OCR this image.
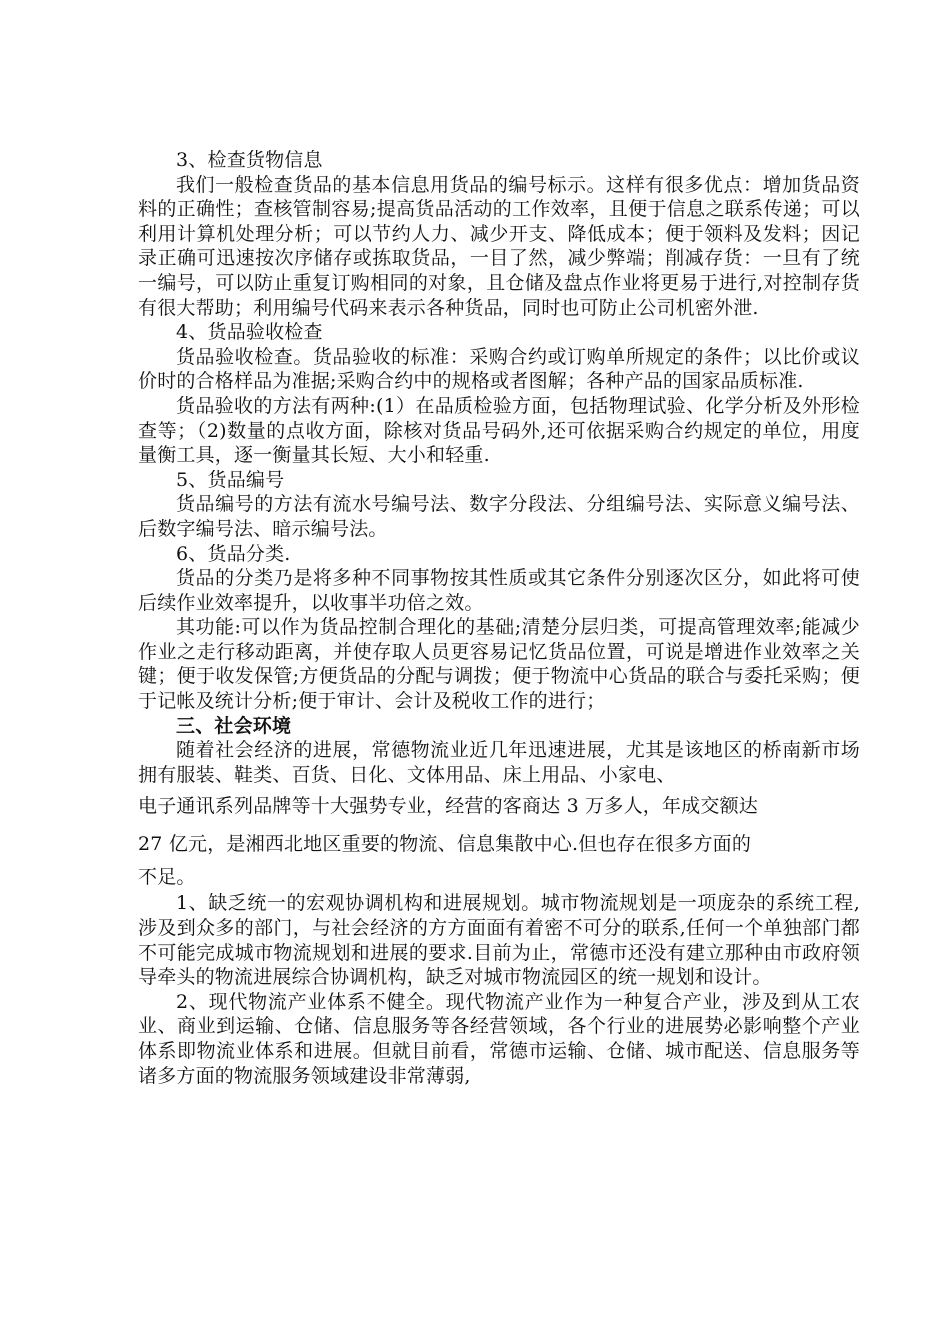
3、检查货物信息

我们一般检查货品的基本信息用货品的编号标示。这样有很多优点：增加货品资料的正确性；查核管制容易;提高货品活动的工作效率，且便于信息之联系传递；可以利用计算机处理分析；可以节约人力、减少开支、降低成本；便于领料及发料；因记录正确可迅速按次序储存或拣取货品，一目了然，减少弊端；削减存货：一旦有了统一编号，可以防止重复订购相同的对象，且仓储及盘点作业将更易于进行,对控制存货有很大帮助；利用编号代码来表示各种货品，同时也可防止公司机密外泄.

4、货品验收检查

货品验收检查。货品验收的标准：采购合约或订购单所规定的条件；以比价或议价时的合格样品为准据;采购合约中的规格或者图解；各种产品的国家品质标准.

货品验收的方法有两种:(1）在品质检验方面，包括物理试验、化学分析及外形检查等；（2)数量的点收方面，除核对货品号码外,还可依据采购合约规定的单位，用度量衡工具，逐一衡量其长短、大小和轻重.

5、货品编号

货品编号的方法有流水号编号法、数字分段法、分组编号法、实际意义编号法、后数字编号法、暗示编号法。

6、货品分类.

货品的分类乃是将多种不同事物按其性质或其它条件分别逐次区分，如此将可使后续作业效率提升，以收事半功倍之效。

其功能:可以作为货品控制合理化的基础;清楚分层归类，可提高管理效率;能减少作业之走行移动距离，并使存取人员更容易记忆货品位置，可说是增进作业效率之关键；便于收发保管;方便货品的分配与调拨；便于物流中心货品的联合与委托采购；便于记帐及统计分析;便于审计、会计及税收工作的进行；

三、社会环境

随着社会经济的进展，常德物流业近几年迅速进展，尤其是该地区的桥南新市场拥有服装、鞋类、百货、日化、文体用品、床上用品、小家电、

电子通讯系列品牌等十大强势专业，经营的客商达 3 万多人，年成交额达

27 亿元，是湘西北地区重要的物流、信息集散中心.但也存在很多方面的

不足。

1、缺乏统一的宏观协调机构和进展规划。城市物流规划是一项庞杂的系统工程,涉及到众多的部门，与社会经济的方方面面有着密不可分的联系,任何一个单独部门都不可能完成城市物流规划和进展的要求.目前为止，常德市还没有建立那种由市政府领导牵头的物流进展综合协调机构，缺乏对城市物流园区的统一规划和设计。

2、现代物流产业体系不健全。现代物流产业作为一种复合产业，涉及到从工农业、商业到运输、仓储、信息服务等各经营领域，各个行业的进展势必影响整个产业体系即物流业体系和进展。但就目前看，常德市运输、仓储、城市配送、信息服务等诸多方面的物流服务领域建设非常薄弱,
